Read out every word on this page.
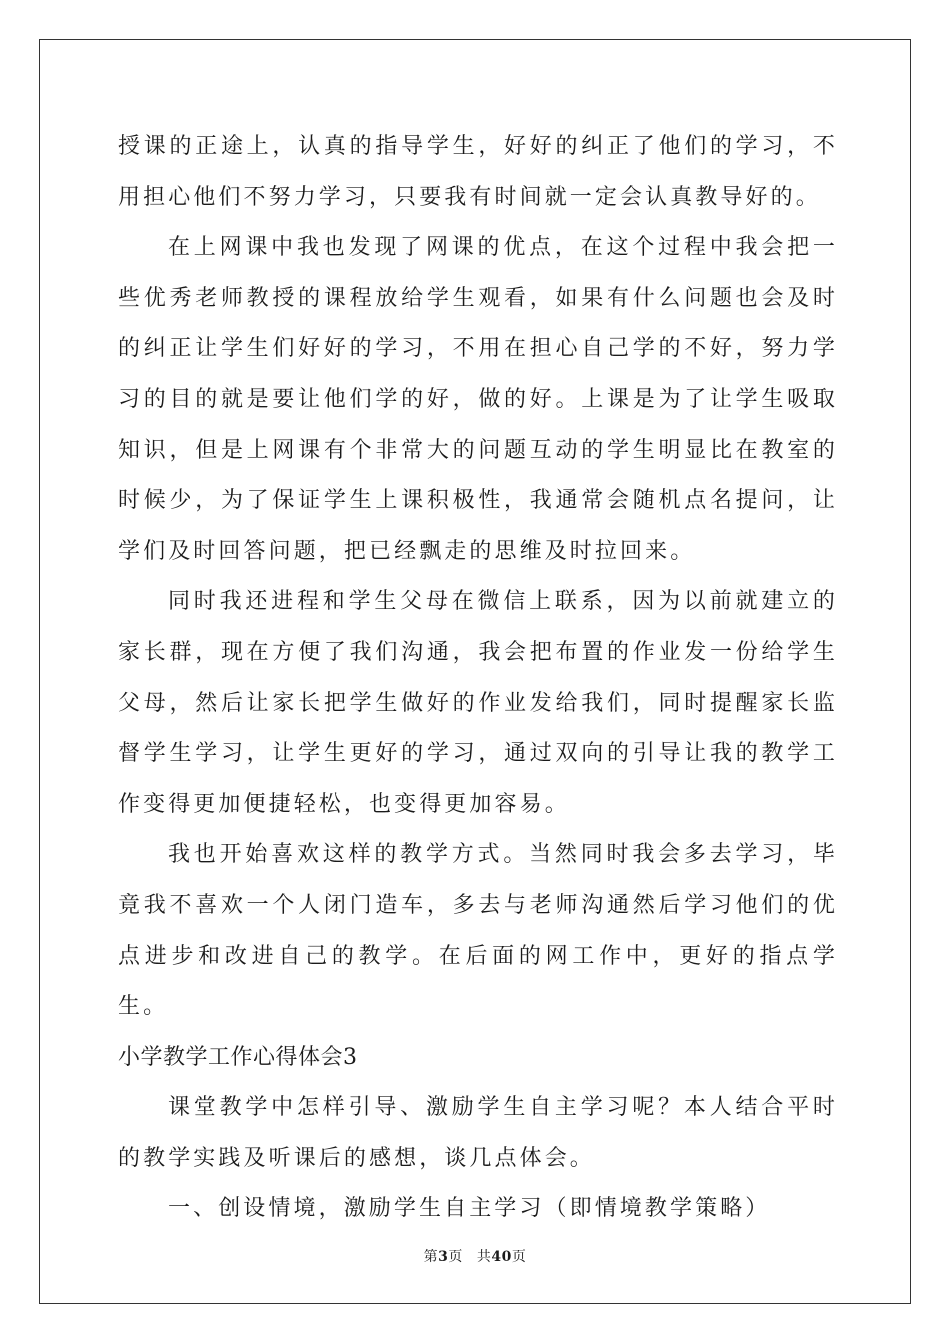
授课的正途上，认真的指导学生，好好的纠正了他们的学习，不用担心他们不努力学习，只要我有时间就一定会认真教导好的。

在上网课中我也发现了网课的优点，在这个过程中我会把一些优秀老师教授的课程放给学生观看，如果有什么问题也会及时的纠正让学生们好好的学习，不用在担心自己学的不好，努力学习的目的就是要让他们学的好，做的好。上课是为了让学生吸取知识，但是上网课有个非常大的问题互动的学生明显比在教室的时候少，为了保证学生上课积极性，我通常会随机点名提问，让学们及时回答问题，把已经飘走的思维及时拉回来。

同时我还进程和学生父母在微信上联系，因为以前就建立的家长群，现在方便了我们沟通，我会把布置的作业发一份给学生父母，然后让家长把学生做好的作业发给我们，同时提醒家长监督学生学习，让学生更好的学习，通过双向的引导让我的教学工作变得更加便捷轻松，也变得更加容易。

我也开始喜欢这样的教学方式。当然同时我会多去学习，毕竟我不喜欢一个人闭门造车，多去与老师沟通然后学习他们的优点进步和改进自己的教学。在后面的网工作中，更好的指点学生。

小学教学工作心得体会3

课堂教学中怎样引导、激励学生自主学习呢？本人结合平时的教学实践及听课后的感想，谈几点体会。

一、创设情境，激励学生自主学习（即情境教学策略）

第3页 共40页
